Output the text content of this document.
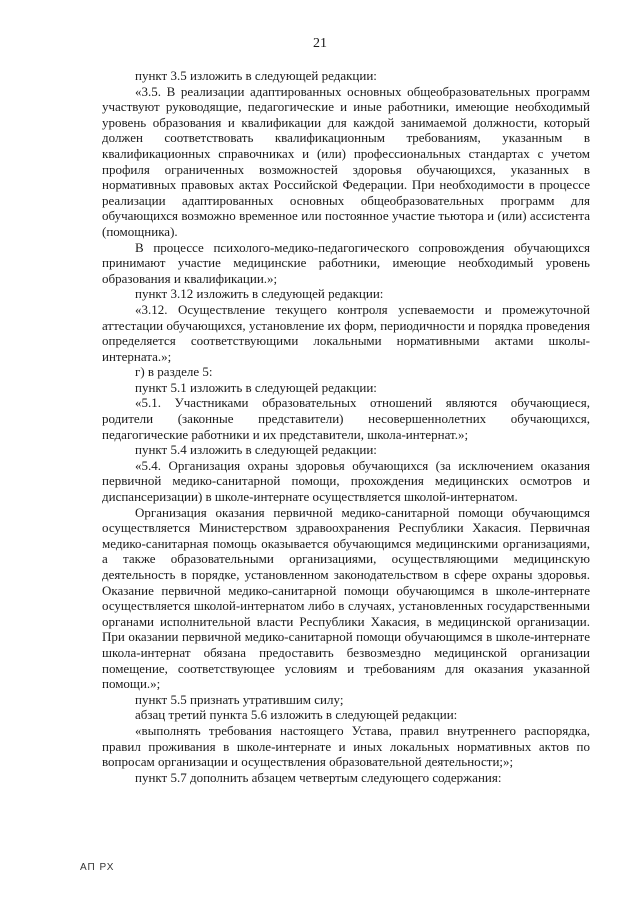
21

пункт 3.5 изложить в следующей редакции:

«3.5. В реализации адаптированных основных общеобразовательных программ участвуют руководящие, педагогические и иные работники, имеющие необходимый уровень образования и квалификации для каждой занимаемой должности, который должен соответствовать квалификационным требованиям, указанным в квалификационных справочниках и (или) профессиональных стандартах с учетом профиля ограниченных возможностей здоровья обучающихся, указанных в нормативных правовых актах Российской Федерации. При необходимости в процессе реализации адаптированных основных общеобразовательных программ для обучающихся возможно временное или постоянное участие тьютора и (или) ассистента (помощника).

В процессе психолого-медико-педагогического сопровождения обучающихся принимают участие медицинские работники, имеющие необходимый уровень образования и квалификации.»;

пункт 3.12 изложить в следующей редакции:

«3.12. Осуществление текущего контроля успеваемости и промежуточной аттестации обучающихся, установление их форм, периодичности и порядка проведения определяется соответствующими локальными нормативными актами школы-интерната.»;

г) в разделе 5:

пункт 5.1 изложить в следующей редакции:

«5.1. Участниками образовательных отношений являются обучающиеся, родители (законные представители) несовершеннолетних обучающихся, педагогические работники и их представители, школа-интернат.»;

пункт 5.4 изложить в следующей редакции:

«5.4. Организация охраны здоровья обучающихся (за исключением оказания первичной медико-санитарной помощи, прохождения медицинских осмотров и диспансеризации) в школе-интернате осуществляется школой-интернатом.

Организация оказания первичной медико-санитарной помощи обучающимся осуществляется Министерством здравоохранения Республики Хакасия. Первичная медико-санитарная помощь оказывается обучающимся медицинскими организациями, а также образовательными организациями, осуществляющими медицинскую деятельность в порядке, установленном законодательством в сфере охраны здоровья. Оказание первичной медико-санитарной помощи обучающимся в школе-интернате осуществляется школой-интернатом либо в случаях, установленных государственными органами исполнительной власти Республики Хакасия, в медицинской организации. При оказании первичной медико-санитарной помощи обучающимся в школе-интернате школа-интернат обязана предоставить безвозмездно медицинской организации помещение, соответствующее условиям и требованиям для оказания указанной помощи.»;

пункт 5.5 признать утратившим силу;

абзац третий пункта 5.6 изложить в следующей редакции:

«выполнять требования настоящего Устава, правил внутреннего распорядка, правил проживания в школе-интернате и иных локальных нормативных актов по вопросам организации и осуществления образовательной деятельности;»;

пункт 5.7 дополнить абзацем четвертым следующего содержания:

АП РХ
